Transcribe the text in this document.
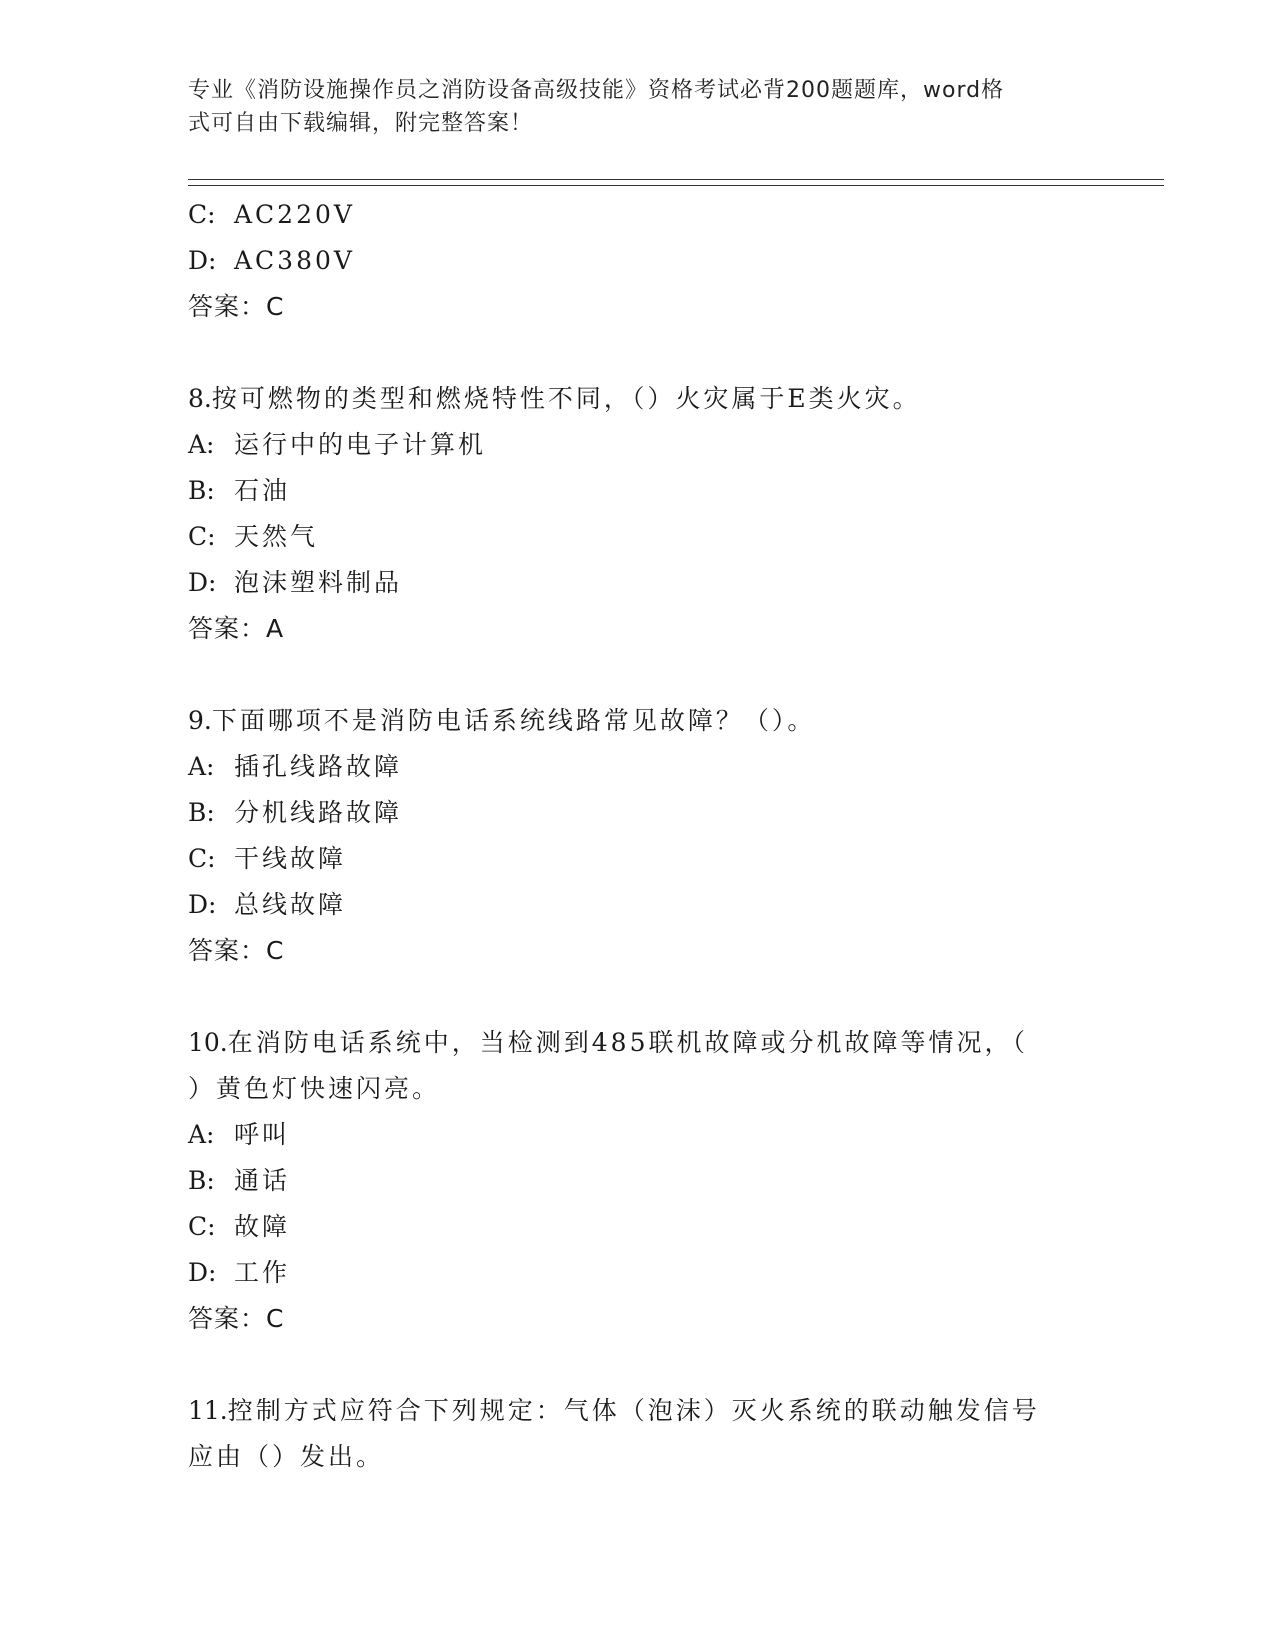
专业《消防设施操作员之消防设备高级技能》资格考试必背200题题库，word格
式可自由下载编辑，附完整答案！
C: AC220V
D: AC380V
答案：C
8.按可燃物的类型和燃烧特性不同，（）火灾属于E类火灾。
A: 运行中的电子计算机
B: 石油
C: 天然气
D: 泡沫塑料制品
答案：A
9.下面哪项不是消防电话系统线路常见故障？（）。
A: 插孔线路故障
B: 分机线路故障
C: 干线故障
D: 总线故障
答案：C
10.在消防电话系统中，当检测到485联机故障或分机故障等情况，（
）黄色灯快速闪亮。
A: 呼叫
B: 通话
C: 故障
D: 工作
答案：C
11.控制方式应符合下列规定：气体（泡沫）灭火系统的联动触发信号
应由（）发出。
